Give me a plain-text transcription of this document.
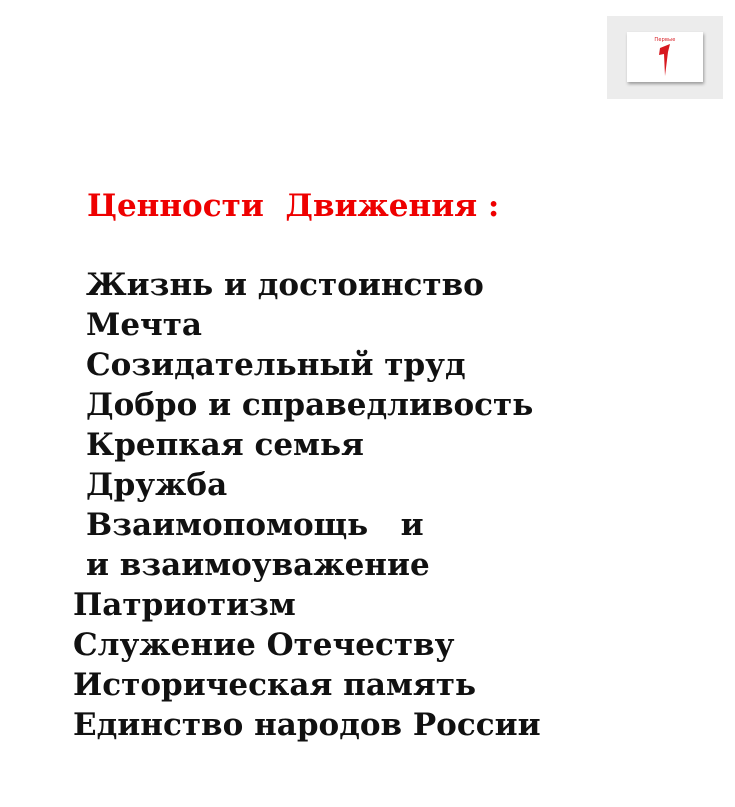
Первые
Ценности  Движения :
Жизнь и достоинство
Мечта
Созидательный труд
Добро и справедливость
Крепкая семья
Дружба
Взаимопомощь   и
и взаимоуважение
Патриотизм
Служение Отечеству
Историческая память
Единство народов России
